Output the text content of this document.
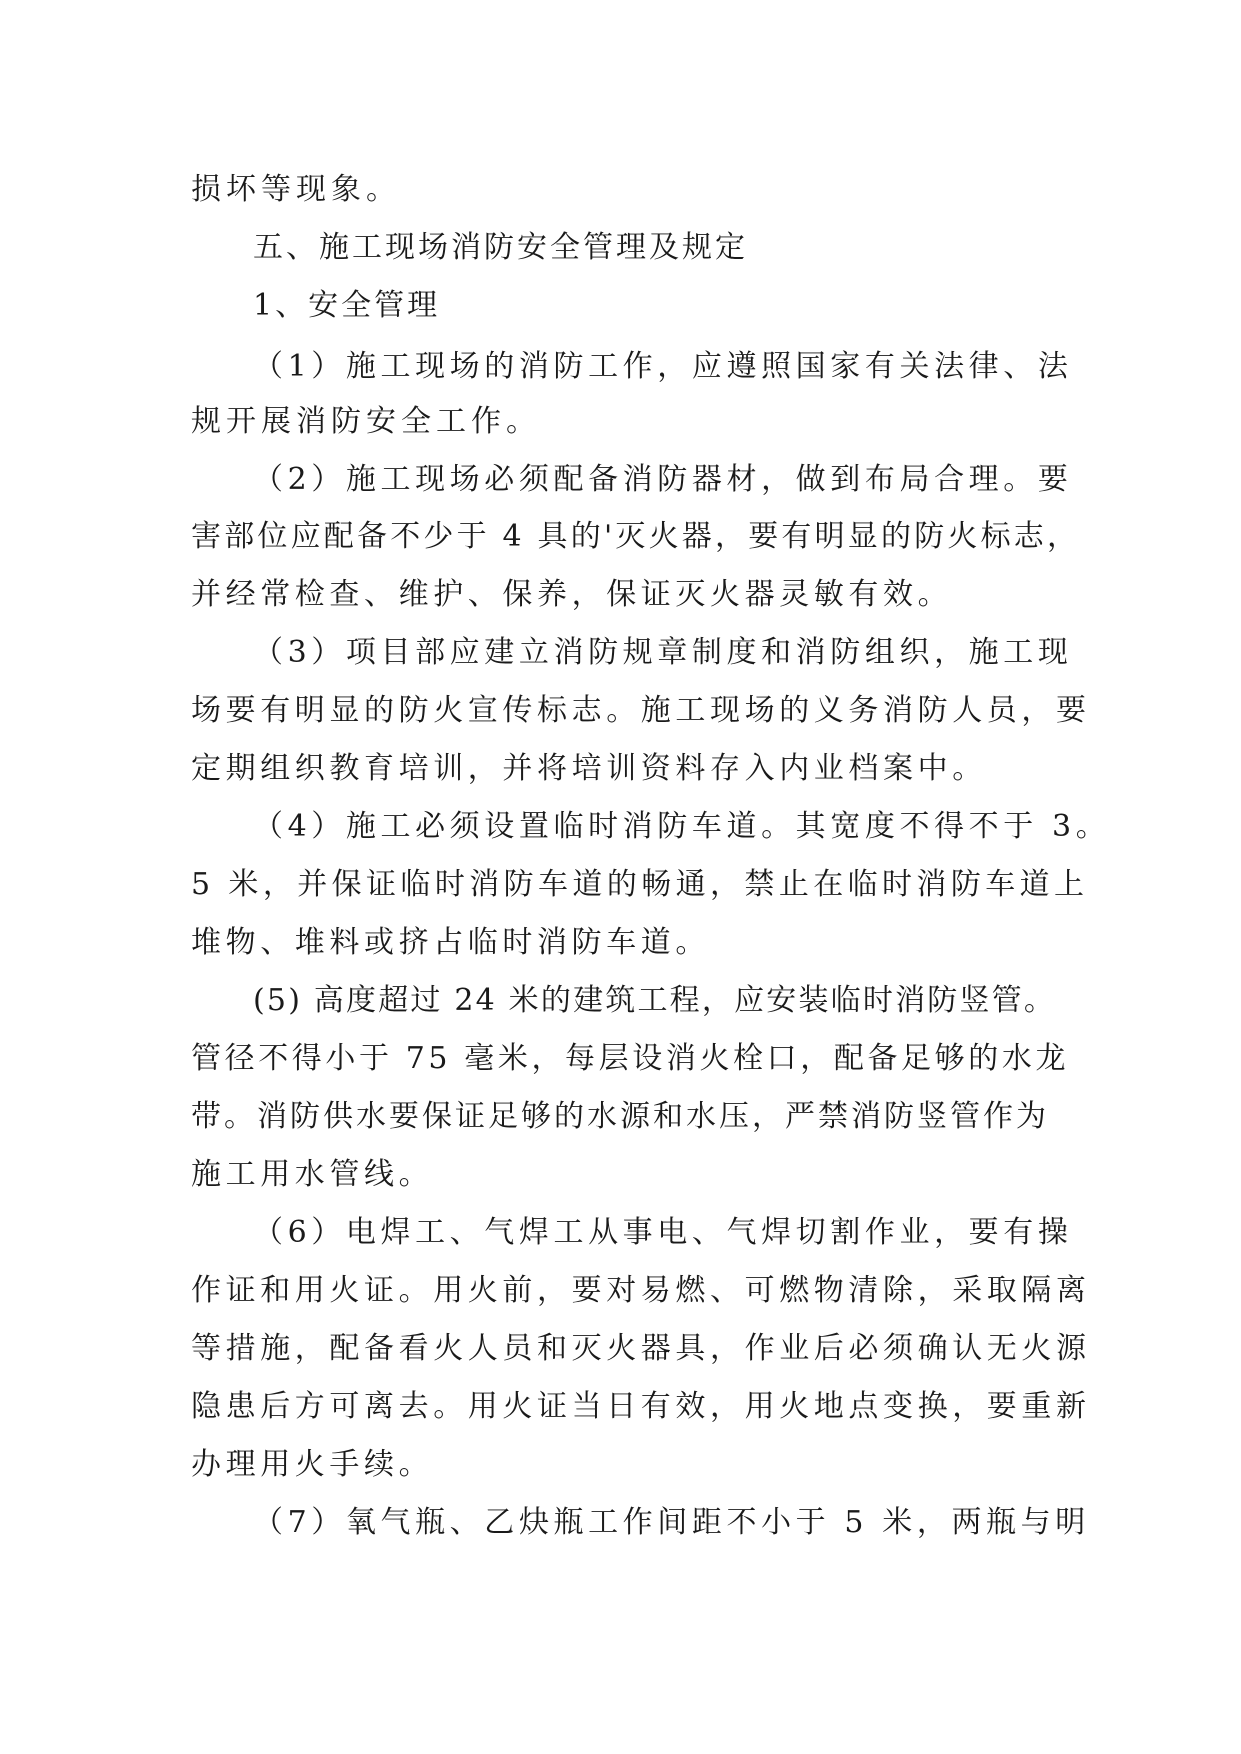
损坏等现象。
五、施工现场消防安全管理及规定
1、安全管理
（1）施工现场的消防工作，应遵照国家有关法律、法
规开展消防安全工作。
（2）施工现场必须配备消防器材，做到布局合理。要
害部位应配备不少于 4 具的'灭火器，要有明显的防火标志，
并经常检查、维护、保养，保证灭火器灵敏有效。
（3）项目部应建立消防规章制度和消防组织，施工现
场要有明显的防火宣传标志。施工现场的义务消防人员，要
定期组织教育培训，并将培训资料存入内业档案中。
（4）施工必须设置临时消防车道。其宽度不得不于 3。
5 米，并保证临时消防车道的畅通，禁止在临时消防车道上
堆物、堆料或挤占临时消防车道。
(5) 高度超过 24 米的建筑工程，应安装临时消防竖管。
管径不得小于 75 毫米，每层设消火栓口，配备足够的水龙
带。消防供水要保证足够的水源和水压，严禁消防竖管作为
施工用水管线。
（6）电焊工、气焊工从事电、气焊切割作业，要有操
作证和用火证。用火前，要对易燃、可燃物清除，采取隔离
等措施，配备看火人员和灭火器具，作业后必须确认无火源
隐患后方可离去。用火证当日有效，用火地点变换，要重新
办理用火手续。
（7）氧气瓶、乙炔瓶工作间距不小于 5 米，两瓶与明
